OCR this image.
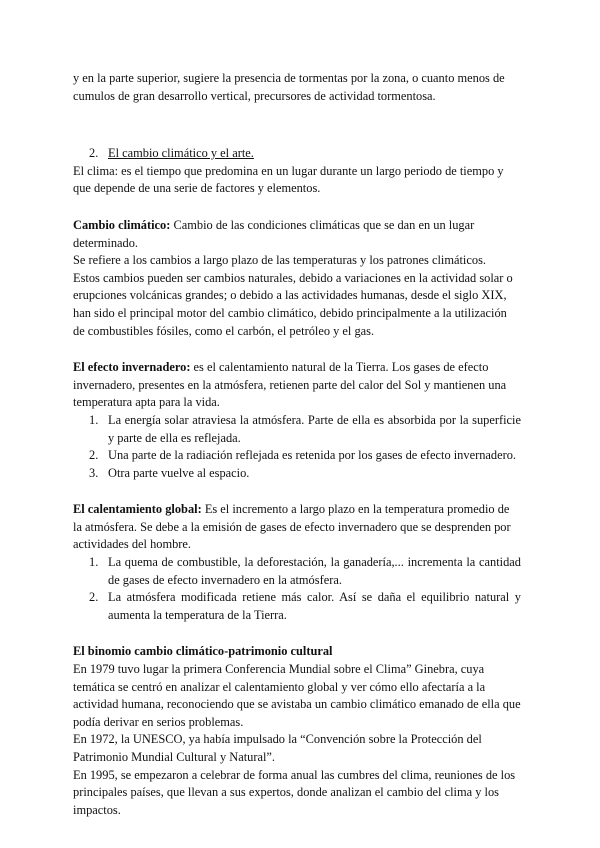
y en la parte superior, sugiere la presencia de tormentas por la zona, o cuanto menos de cumulos de gran desarrollo vertical, precursores de actividad tormentosa.

2. El cambio climático y el arte.

El clima: es el tiempo que predomina en un lugar durante un largo periodo de tiempo y que depende de una serie de factores y elementos.

Cambio climático: Cambio de las condiciones climáticas que se dan en un lugar determinado.

Se refiere a los cambios a largo plazo de las temperaturas y los patrones climáticos.

Estos cambios pueden ser cambios naturales, debido a variaciones en la actividad solar o erupciones volcánicas grandes; o debido a las actividades humanas, desde el siglo XIX, han sido el principal motor del cambio climático, debido principalmente a la utilización de combustibles fósiles, como el carbón, el petróleo y el gas.

El efecto invernadero: es el calentamiento natural de la Tierra. Los gases de efecto invernadero, presentes en la atmósfera, retienen parte del calor del Sol y mantienen una temperatura apta para la vida.

1. La energía solar atraviesa la atmósfera. Parte de ella es absorbida por la superficie y parte de ella es reflejada.
2. Una parte de la radiación reflejada es retenida por los gases de efecto invernadero.
3. Otra parte vuelve al espacio.

El calentamiento global: Es el incremento a largo plazo en la temperatura promedio de la atmósfera. Se debe a la emisión de gases de efecto invernadero que se desprenden por actividades del hombre.

1. La quema de combustible, la deforestación, la ganadería,... incrementa la cantidad de gases de efecto invernadero en la atmósfera.
2. La atmósfera modificada retiene más calor. Así se daña el equilibrio natural y aumenta la temperatura de la Tierra.

El binomio cambio climático-patrimonio cultural

En 1979 tuvo lugar la primera Conferencia Mundial sobre el Clima” Ginebra, cuya temática se centró en analizar el calentamiento global y ver cómo ello afectaría a la actividad humana, reconociendo que se avistaba un cambio climático emanado de ella que podía derivar en serios problemas.

En 1972, la UNESCO, ya había impulsado la “Convención sobre la Protección del Patrimonio Mundial Cultural y Natural”.

En 1995, se empezaron a celebrar de forma anual las cumbres del clima, reuniones de los principales países, que llevan a sus expertos, donde analizan el cambio del clima y los impactos.
